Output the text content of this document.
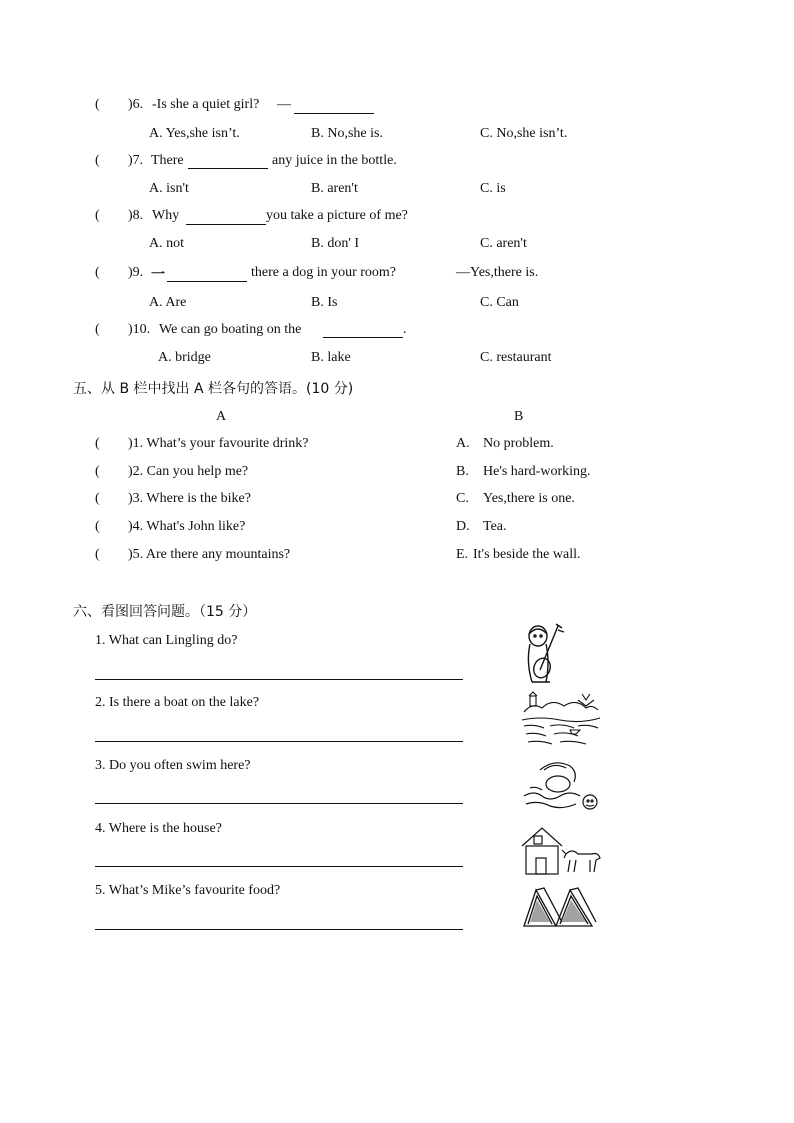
( )6. -Is she a quiet girl? —
A. Yes,she isn’t.	B. No,she is.	C. No,she isn’t.
( )7. There	any juice in the bottle.
A. isn't	B. aren't	C. is
( )8. Why	you take a picture of me?
A. not	B. don' I	C. aren't
( )9. 一	there a dog in your room?	—Yes,there is.
A. Are	B. Is	C. Can
( )10. We can go boating on the	.
A. bridge	B. lake	C. restaurant
五、从 B 栏中找出 A 栏各句的答语。(10 分)
A	B
( )1. What’s your favourite drink?	A. No problem.
( )2. Can you help me?	B. He's hard-working.
( )3. Where is the bike?	C. Yes,there is one.
( )4. What's John like?	D. Tea.
( )5. Are there any mountains?	E. It's beside the wall.
六、看图回答问题。（15 分）
1. What can Lingling do?
2. Is there a boat on the lake?
3. Do you often swim here?
4. Where is the house?
5. What’s Mike’s favourite food?
